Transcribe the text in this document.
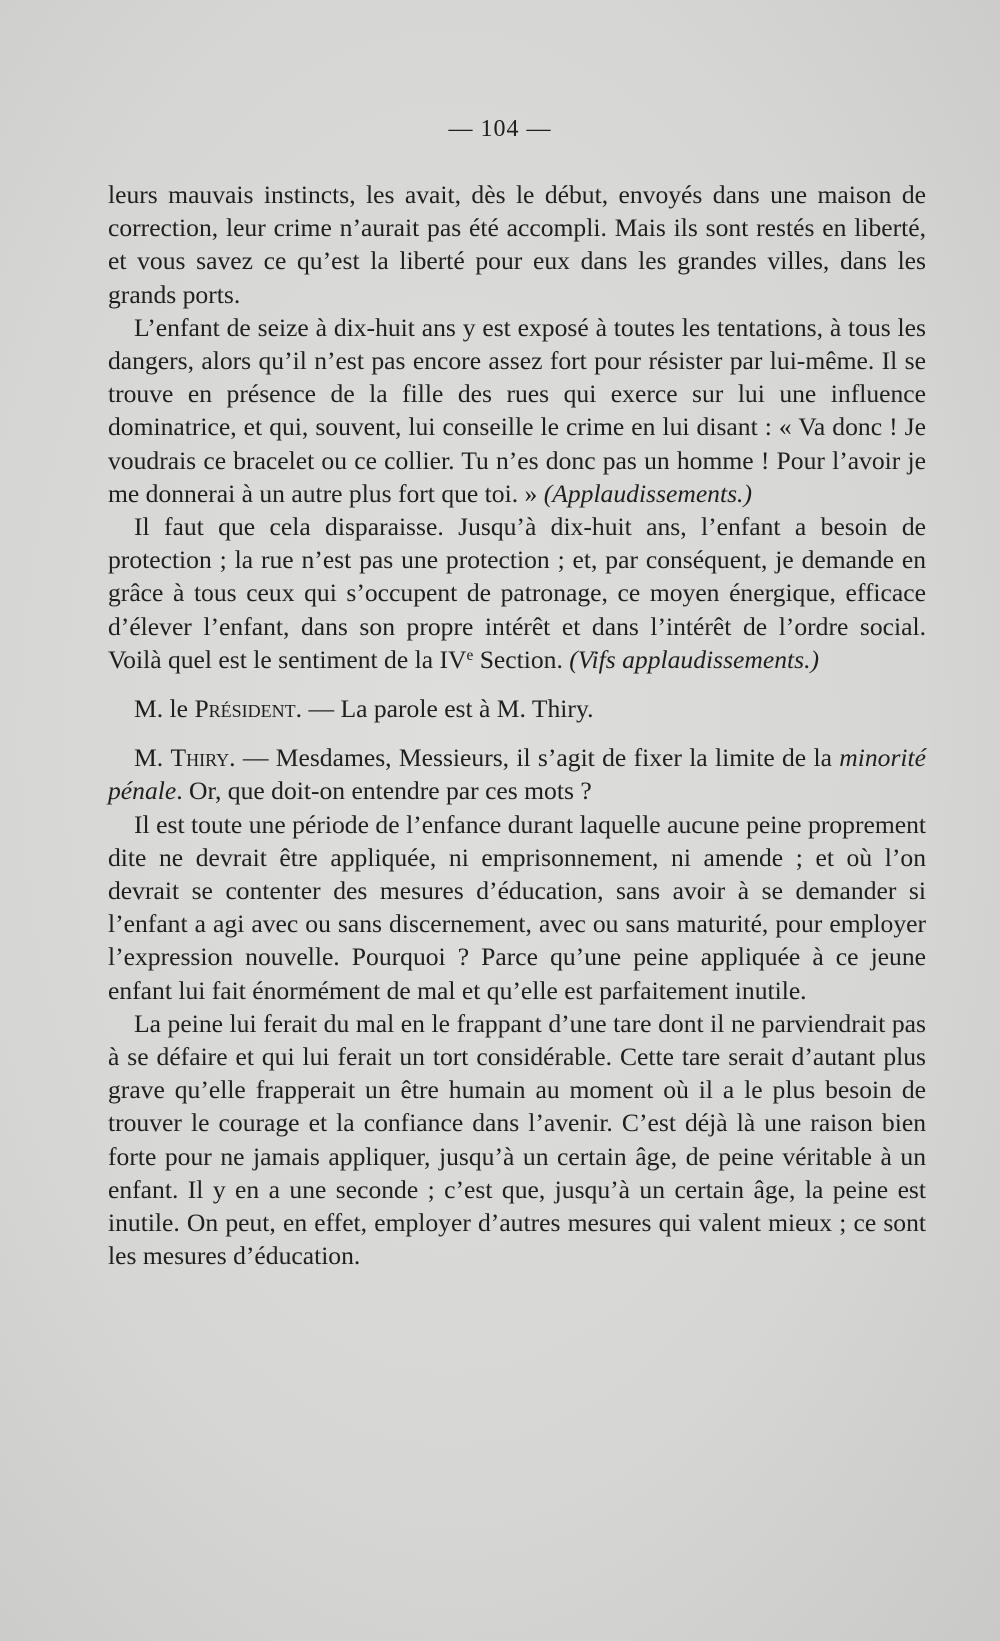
— 104 —

leurs mauvais instincts, les avait, dès le début, envoyés dans une maison de correction, leur crime n’aurait pas été accompli. Mais ils sont restés en liberté, et vous savez ce qu’est la liberté pour eux dans les grandes villes, dans les grands ports.

L’enfant de seize à dix-huit ans y est exposé à toutes les tentations, à tous les dangers, alors qu’il n’est pas encore assez fort pour résister par lui-même. Il se trouve en présence de la fille des rues qui exerce sur lui une influence dominatrice, et qui, souvent, lui conseille le crime en lui disant : « Va donc ! Je voudrais ce bracelet ou ce collier. Tu n’es donc pas un homme ! Pour l’avoir je me donnerai à un autre plus fort que toi. » (Applaudissements.)

Il faut que cela disparaisse. Jusqu’à dix-huit ans, l’enfant a besoin de protection ; la rue n’est pas une protection ; et, par conséquent, je demande en grâce à tous ceux qui s’occupent de patronage, ce moyen énergique, efficace d’élever l’enfant, dans son propre intérêt et dans l’intérêt de l’ordre social. Voilà quel est le sentiment de la IVe Section. (Vifs applaudissements.)

M. le Président. — La parole est à M. Thiry.

M. Thiry. — Mesdames, Messieurs, il s’agit de fixer la limite de la minorité pénale. Or, que doit-on entendre par ces mots ?

Il est toute une période de l’enfance durant laquelle aucune peine proprement dite ne devrait être appliquée, ni emprisonnement, ni amende ; et où l’on devrait se contenter des mesures d’éducation, sans avoir à se demander si l’enfant a agi avec ou sans discernement, avec ou sans maturité, pour employer l’expression nouvelle. Pourquoi ? Parce qu’une peine appliquée à ce jeune enfant lui fait énormément de mal et qu’elle est parfaitement inutile.

La peine lui ferait du mal en le frappant d’une tare dont il ne parviendrait pas à se défaire et qui lui ferait un tort considérable. Cette tare serait d’autant plus grave qu’elle frapperait un être humain au moment où il a le plus besoin de trouver le courage et la confiance dans l’avenir. C’est déjà là une raison bien forte pour ne jamais appliquer, jusqu’à un certain âge, de peine véritable à un enfant. Il y en a une seconde ; c’est que, jusqu’à un certain âge, la peine est inutile. On peut, en effet, employer d’autres mesures qui valent mieux ; ce sont les mesures d’éducation.
